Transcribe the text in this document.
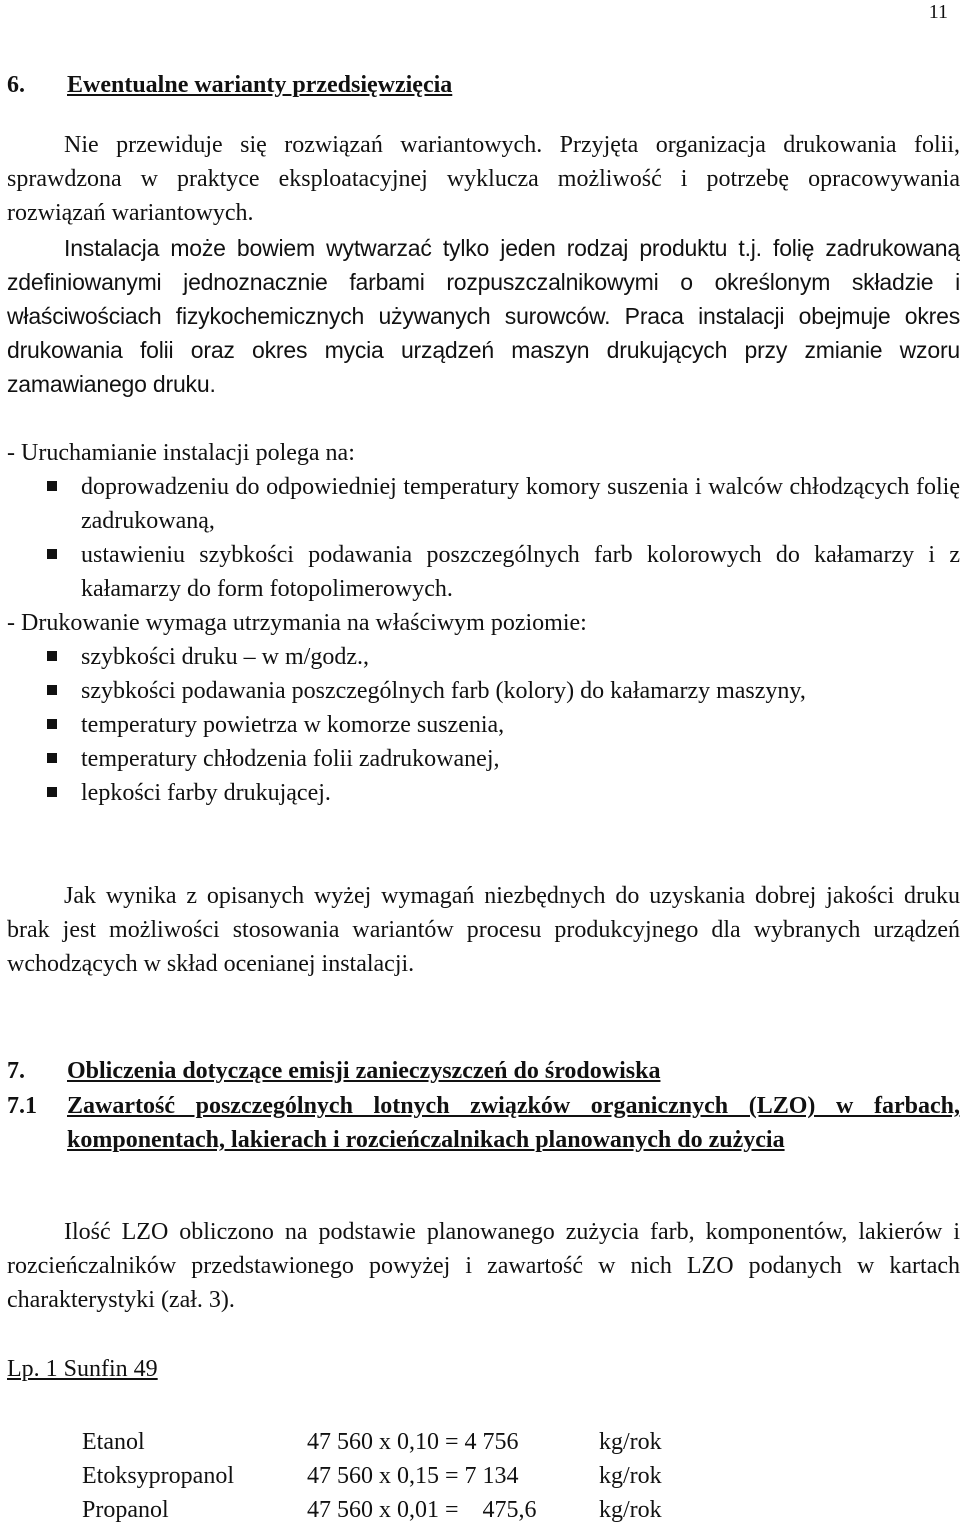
11
6.	Ewentualne warianty przedsięwzięcia

Nie przewiduje się rozwiązań wariantowych. Przyjęta organizacja drukowania folii, sprawdzona w praktyce eksploatacyjnej wyklucza możliwość i potrzebę opracowywania rozwiązań wariantowych.

Instalacja może bowiem wytwarzać tylko jeden rodzaj produktu t.j. folię zadrukowaną zdefiniowanymi jednoznacznie farbami rozpuszczalnikowymi o określonym składzie i właściwościach fizykochemicznych używanych surowców. Praca instalacji obejmuje okres drukowania folii oraz okres mycia urządzeń maszyn drukujących przy zmianie wzoru zamawianego druku.

- Uruchamianie instalacji polega na:

doprowadzeniu do odpowiedniej temperatury komory suszenia i walców chłodzących folię zadrukowaną,
ustawieniu szybkości podawania poszczególnych farb kolorowych do kałamarzy i z kałamarzy do form fotopolimerowych.

- Drukowanie wymaga utrzymania na właściwym poziomie:

szybkości druku – w m/godz.,
szybkości podawania poszczególnych farb (kolory) do kałamarzy maszyny,
temperatury powietrza w komorze suszenia,
temperatury chłodzenia folii zadrukowanej,
lepkości farby drukującej.

Jak wynika z opisanych wyżej wymagań niezbędnych do uzyskania dobrej jakości druku brak jest możliwości stosowania wariantów procesu produkcyjnego dla wybranych urządzeń wchodzących w skład ocenianej instalacji.

7.	Obliczenia dotyczące emisji zanieczyszczeń do środowiska
7.1	Zawartość poszczególnych lotnych związków organicznych (LZO) w farbach, komponentach, lakierach i rozcieńczalnikach planowanych do zużycia

Ilość LZO obliczono na podstawie planowanego zużycia farb, komponentów, lakierów i rozcieńczalników przedstawionego powyżej i zawartość w nich LZO podanych w kartach charakterystyki (zał. 3).

Lp. 1 Sunfin 49

Etanol	47 560 x 0,10 = 4 756	kg/rok
Etoksypropanol	47 560 x 0,15 = 7 134	kg/rok
Propanol	47 560 x 0,01 =    475,6	kg/rok
